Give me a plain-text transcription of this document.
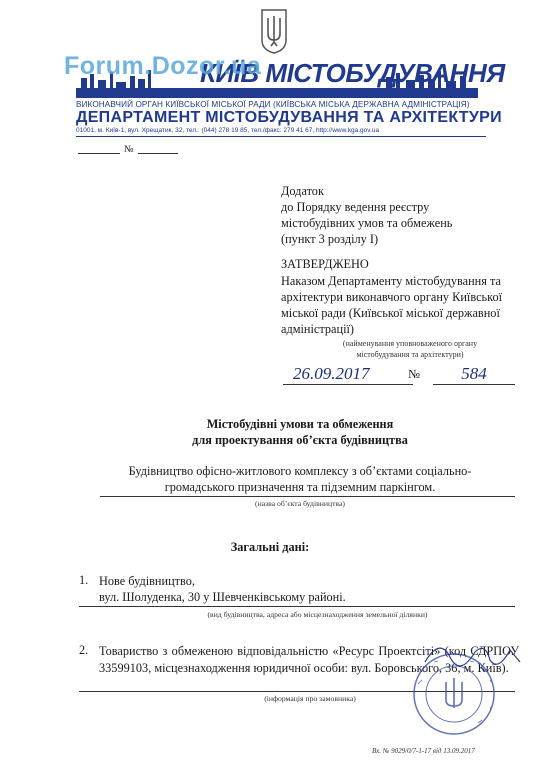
КИЇВ МІСТОБУДУВАННЯ
Forum.Dozor.ua
ВИКОНАВЧИЙ ОРГАН КИЇВСЬКОЇ МІСЬКОЇ РАДИ (КИЇВСЬКА МІСЬКА ДЕРЖАВНА АДМІНІСТРАЦІЯ)
ДЕПАРТАМЕНТ МІСТОБУДУВАННЯ ТА АРХІТЕКТУРИ
01001, м. Київ-1, вул. Хрещатик, 32, тел.: (044) 278 19 85, тел./факс: 279 41 67, http://www.kga.gov.ua
№
Додаток
до Порядку ведення реєстру
містобудівних умов та обмежень
(пункт 3 розділу І)
ЗАТВЕРДЖЕНО
Наказом Департаменту містобудування та архітектури виконавчого органу Київської міської ради (Київської міської державної адміністрації)
(найменування уповноваженого органу містобудування та архітектури)
26.09.2017	№	584
Містобудівні умови та обмеження
для проектування об’єкта будівництва
Будівництво офісно-житлового комплексу з об’єктами соціально-громадського призначення та підземним паркінгом.
(назва об’єкта будівництва)
Загальні дані:
1. Нове будівництво,
вул. Шолуденка, 30 у Шевченківському районі.
(вид будівництва, адреса або місцезнаходження земельної ділянки)
2. Товариство з обмеженою відповідальністю «Ресурс Проектсіті» (код СДРПОУ 33599103, місцезнаходження юридичної особи: вул. Боровського, 36, м. Київ).
(інформація про замовника)
Вх. № 9029/0/7-1-17 від 13.09.2017
